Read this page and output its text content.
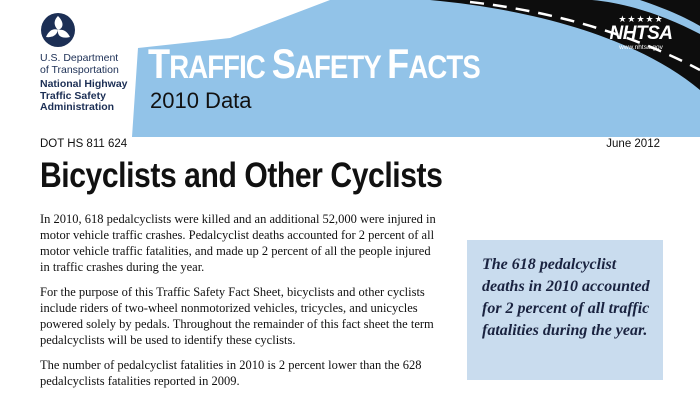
U.S. Department
of Transportation
National Highway
Traffic Safety
Administration
TRAFFIC SAFETY FACTS
2010 Data
★★★★★
NHTSA
www.nhtsa.gov
DOT HS 811 624	June 2012
Bicyclists and Other Cyclists

In 2010, 618 pedalcyclists were killed and an additional 52,000 were injured in motor vehicle traffic crashes. Pedalcyclist deaths accounted for 2 percent of all motor vehicle traffic fatalities, and made up 2 percent of all the people injured in traffic crashes during the year.

For the purpose of this Traffic Safety Fact Sheet, bicyclists and other cyclists include riders of two-wheel nonmotorized vehicles, tricycles, and unicycles powered solely by pedals. Throughout the remainder of this fact sheet the term pedalcyclists will be used to identify these cyclists.

The number of pedalcyclist fatalities in 2010 is 2 percent lower than the 628 pedalcyclists fatalities reported in 2009.

The 618 pedalcyclist deaths in 2010 accounted for 2 percent of all traffic fatalities during the year.
